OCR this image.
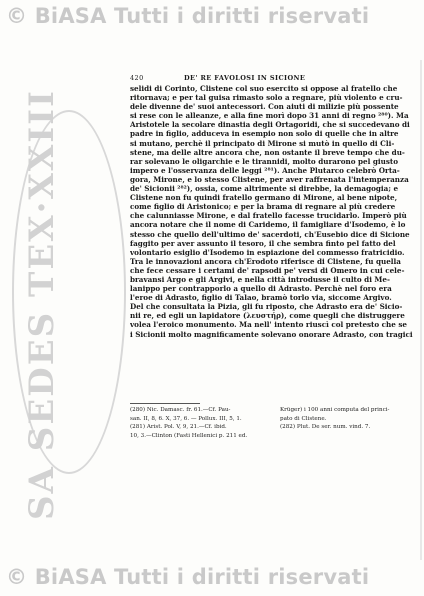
© BiASA Tutti i diritti riservati
SA SEDES TEX·XXIII
420	DE' RE FAVOLOSI IN SICIONE
selidi di Corinto, Clistene col suo esercito si oppose al fratello che
ritornava; e per tal guisa rimasto solo a regnare, più violento e cru-
dele divenne de' suoi antecessori. Con aiuti di milizie più possente
si rese con le alleanze, e alla fine morì dopo 31 anni di regno ²⁸⁰). Ma
Aristotele la secolare dinastia degli Ortagoridi, che si succedevano di
padre in figlio, adduceva in esempio non solo di quelle che in altre
si mutano, perchè il principato di Mirone si mutò in quello di Cli-
stene, ma delle altre ancora che, non ostante il breve tempo che du-
rar solevano le oligarchie e le tirannidi, molto durarono pel giusto
impero e l'osservanza delle leggi ²⁸¹). Anche Plutarco celebrò Orta-
gora, Mirone, e lo stesso Clistene, per aver raffrenata l'intemperanza
de' Sicionii ²⁸²), ossia, come altrimente si direbbe, la demagogia; e
Clistene non fu quindi fratello germano di Mirone, al bene nipote,
come figlio di Aristonico; e per la brama di regnare al più credere
che calunniasse Mirone, e dal fratello facesse trucidarlo. Imperò più
ancora notare che il nome di Caridemo, il famigliare d'Isodemo, è lo
stesso che quello dell'ultimo de' sacerdoti, ch'Eusebio dice di Sicione
faggito per aver assunto il tesoro, il che sembra finto pel fatto del
volontario esiglio d'Isodemo in espiazione del commesso fratricidio.
Tra le innovazioni ancora ch'Erodoto riferisce di Clistene, fu quella
che fece cessare i certami de' rapsodi pe' versi di Omero in cui cele-
bravansi Argo e gli Argivi, e nella città introdusse il culto di Me-
lanippo per contrapporlo a quello di Adrasto. Perchè nel foro era
l'eroe di Adrasto, figlio di Talao, bramò torlo via, siccome Argivo.
Del che consultata la Pizia, gli fu riposto, che Adrasto era de' Sicio-
nii re, ed egli un lapidatore (λευστήρ), come quegli che distruggere
volea l'eroico monumento. Ma nell' intento riuscì col pretesto che se
i Sicionii molto magnificamente solevano onorare Adrasto, con tragici
(280) Nic. Damasc. fr. 61.—Cf. Pau-
san. II, 8, 6. X, 37, 6. — Pollux. III, 5, 1.
(281) Arist. Pol. V, 9, 21.—Cf. ibid.
10, 3.—Clinton (Fasti Hellenici p. 211 ed.
Krüger) i 100 anni computa del princi-
pato di Clistene.
(282) Plut. De ser. num. vind. 7.
© BiASA Tutti i diritti riservati
